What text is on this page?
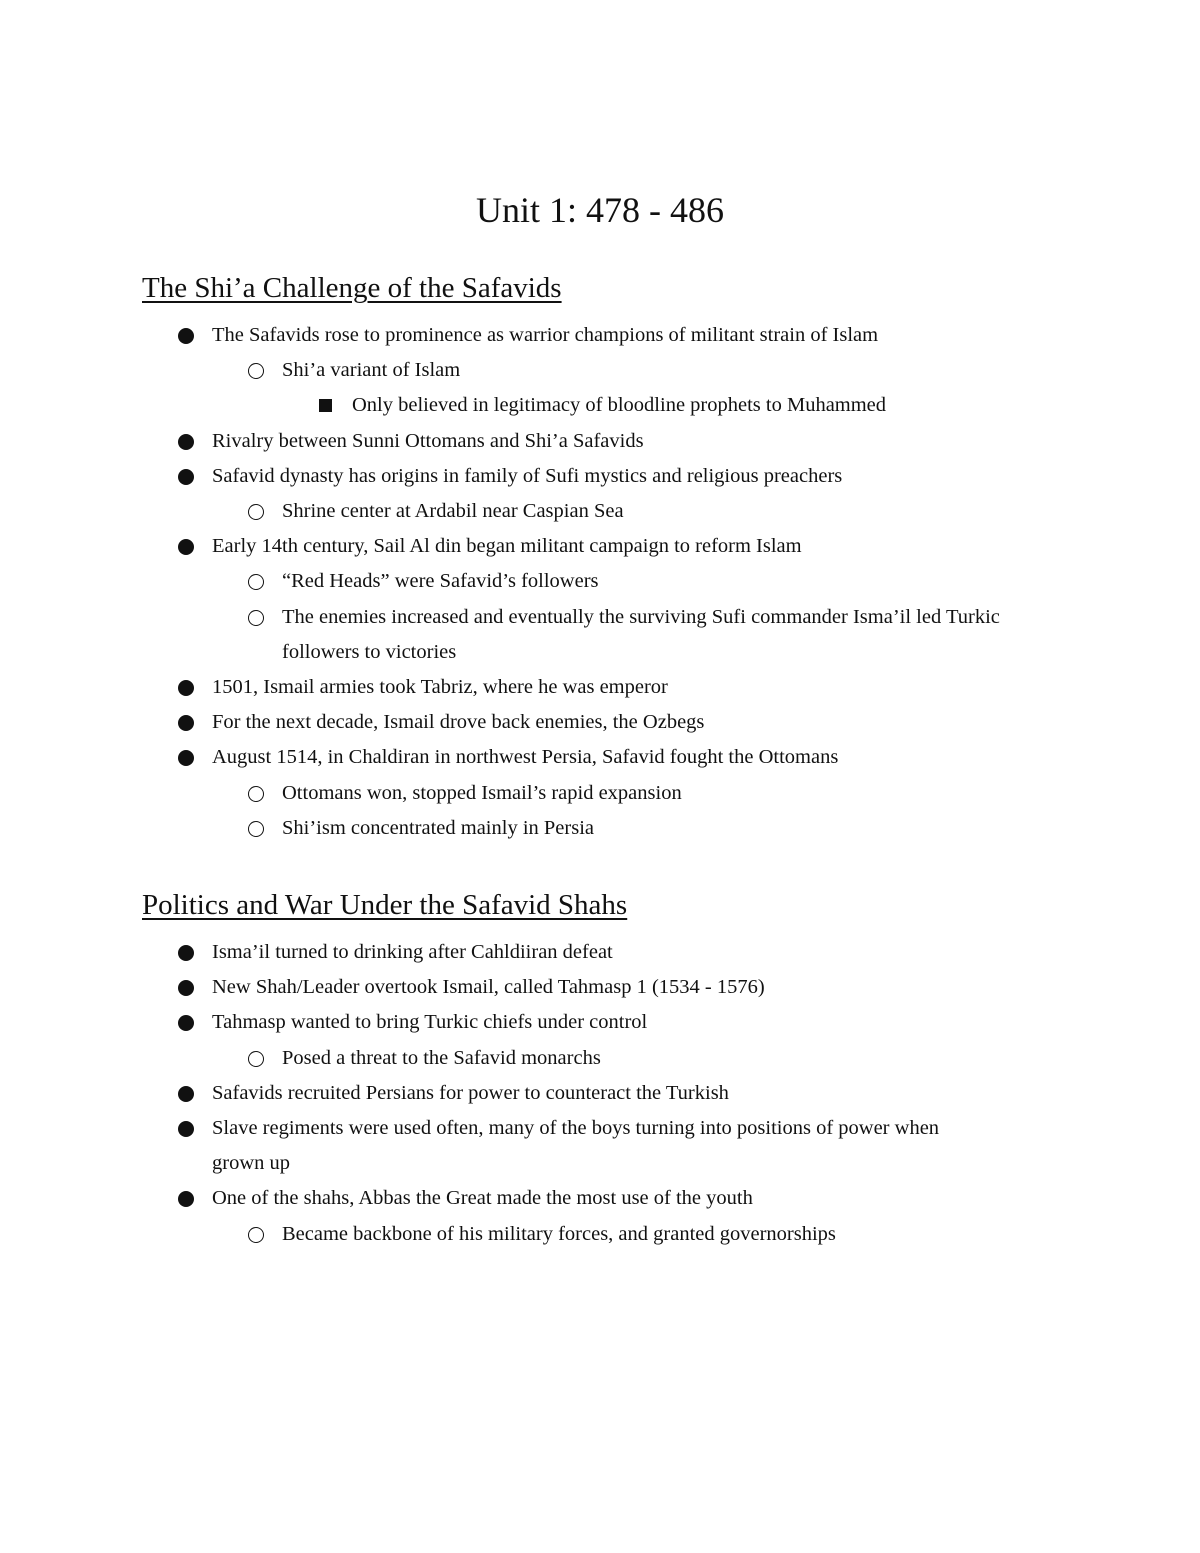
Unit 1: 478 - 486
The Shi’a Challenge of the Safavids
The Safavids rose to prominence as warrior champions of militant strain of Islam
Shi’a variant of Islam
Only believed in legitimacy of bloodline prophets to Muhammed
Rivalry between Sunni Ottomans and Shi’a Safavids
Safavid dynasty has origins in family of Sufi mystics and religious preachers
Shrine center at Ardabil near Caspian Sea
Early 14th century, Sail Al din began militant campaign to reform Islam
“Red Heads” were Safavid’s followers
The enemies increased and eventually the surviving Sufi commander Isma’il led Turkic
followers to victories
1501, Ismail armies took Tabriz, where he was emperor
For the next decade, Ismail drove back enemies, the Ozbegs
August 1514, in Chaldiran in northwest Persia, Safavid fought the Ottomans
Ottomans won, stopped Ismail’s rapid expansion
Shi’ism concentrated mainly in Persia
Politics and War Under the Safavid Shahs
Isma’il turned to drinking after Cahldiiran defeat
New Shah/Leader overtook Ismail, called Tahmasp 1 (1534 - 1576)
Tahmasp wanted to bring Turkic chiefs under control
Posed a threat to the Safavid monarchs
Safavids recruited Persians for power to counteract the Turkish
Slave regiments were used often, many of the boys turning into positions of power when
grown up
One of the shahs, Abbas the Great made the most use of the youth
Became backbone of his military forces, and granted governorships
